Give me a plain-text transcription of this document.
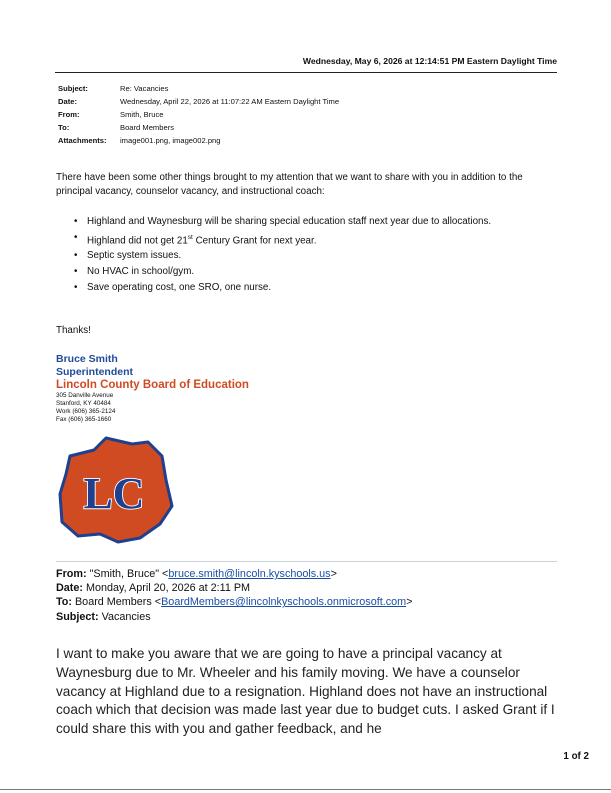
Wednesday, May 6, 2026 at 12:14:51 PM Eastern Daylight Time
Subject:	Re: Vacancies
Date:	Wednesday, April 22, 2026 at 11:07:22 AM Eastern Daylight Time
From:	Smith, Bruce
To:	Board Members
Attachments:	image001.png, image002.png
There have been some other things brought to my attention that we want to share with you in addition to the principal vacancy, counselor vacancy, and instructional coach:
• Highland and Waynesburg will be sharing special education staff next year due to allocations.
• Highland did not get 21st Century Grant for next year.
• Septic system issues.
• No HVAC in school/gym.
• Save operating cost, one SRO, one nurse.
Thanks!
Bruce Smith
Superintendent
Lincoln County Board of Education
305 Danville Avenue
Stanford, KY 40484
Work (606) 365-2124
Fax (606) 365-1660
LC
From: "Smith, Bruce" <bruce.smith@lincoln.kyschools.us>
Date: Monday, April 20, 2026 at 2:11 PM
To: Board Members <BoardMembers@lincolnkyschools.onmicrosoft.com>
Subject: Vacancies
I want to make you aware that we are going to have a principal vacancy at Waynesburg due to Mr. Wheeler and his family moving. We have a counselor vacancy at Highland due to a resignation. Highland does not have an instructional coach which that decision was made last year due to budget cuts. I asked Grant if I could share this with you and gather feedback, and he
1 of 2
